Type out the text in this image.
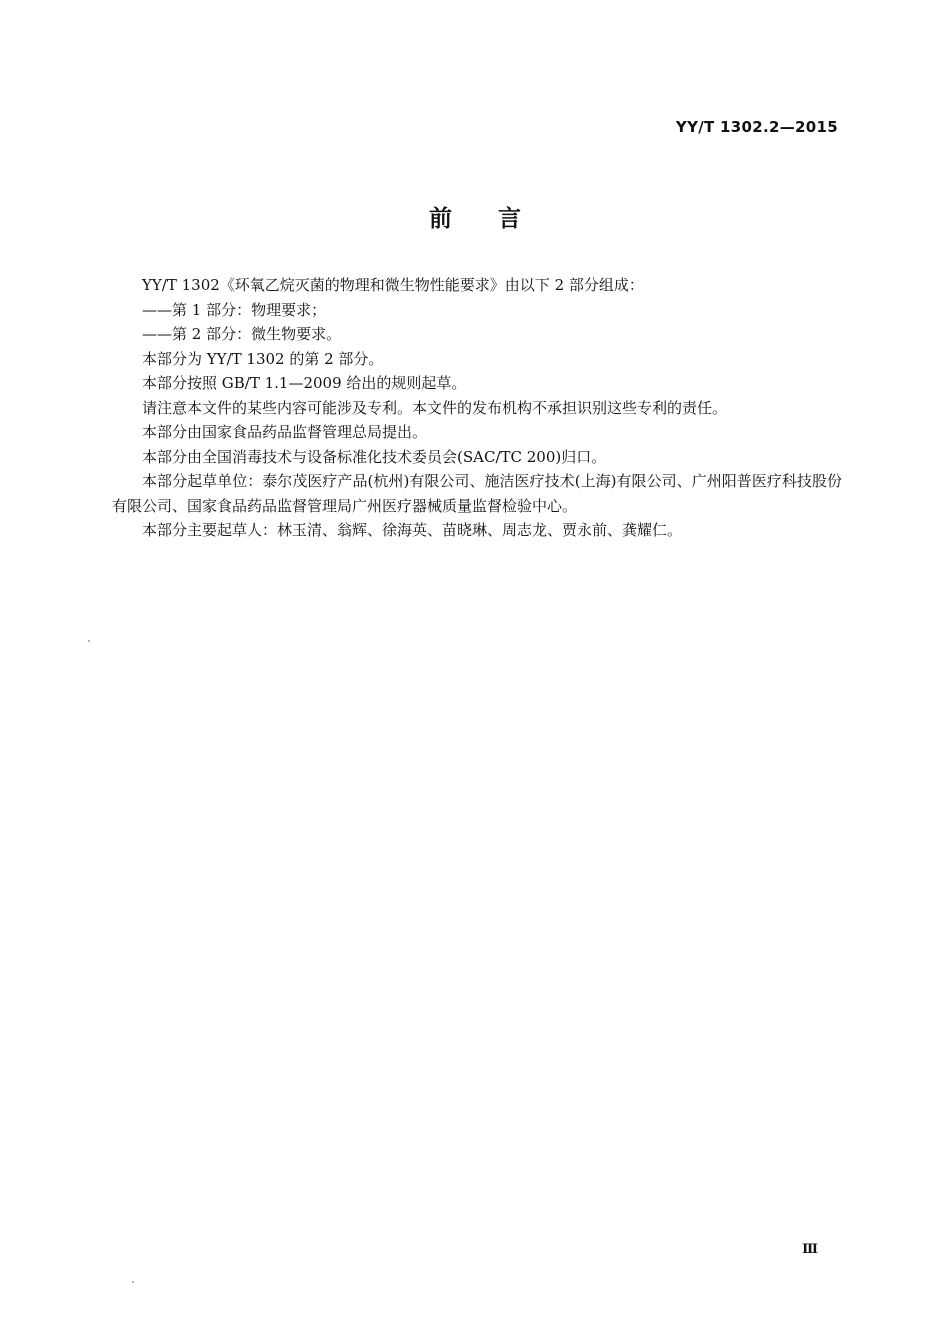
YY/T 1302.2—2015
前言

YY/T 1302《环氧乙烷灭菌的物理和微生物性能要求》由以下 2 部分组成：

——第 1 部分：物理要求；

——第 2 部分：微生物要求。

本部分为 YY/T 1302 的第 2 部分。

本部分按照 GB/T 1.1—2009 给出的规则起草。

请注意本文件的某些内容可能涉及专利。本文件的发布机构不承担识别这些专利的责任。

本部分由国家食品药品监督管理总局提出。

本部分由全国消毒技术与设备标准化技术委员会(SAC/TC 200)归口。

本部分起草单位：泰尔茂医疗产品(杭州)有限公司、施洁医疗技术(上海)有限公司、广州阳普医疗科技股份有限公司、国家食品药品监督管理局广州医疗器械质量监督检验中心。

本部分主要起草人：林玉清、翁辉、徐海英、苗晓琳、周志龙、贾永前、龚耀仁。

Ⅲ
